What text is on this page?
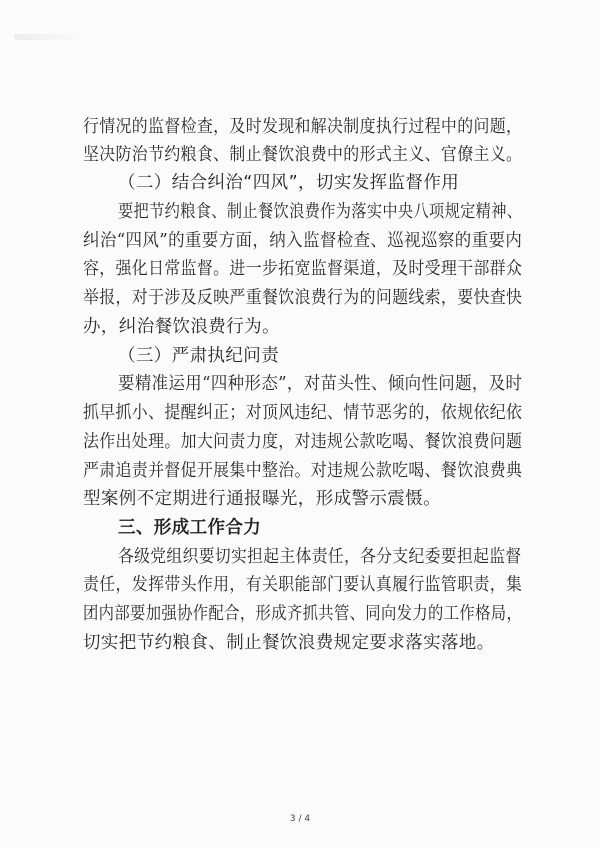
行情况的监督检查，及时发现和解决制度执行过程中的问题，
坚决防治节约粮食、制止餐饮浪费中的形式主义、官僚主义。
（二）结合纠治“四风”，切实发挥监督作用
要把节约粮食、制止餐饮浪费作为落实中央八项规定精神、
纠治“四风”的重要方面，纳入监督检查、巡视巡察的重要内
容，强化日常监督。进一步拓宽监督渠道，及时受理干部群众
举报，对于涉及反映严重餐饮浪费行为的问题线索，要快查快
办，纠治餐饮浪费行为。
（三）严肃执纪问责
要精准运用“四种形态”，对苗头性、倾向性问题，及时
抓早抓小、提醒纠正；对顶风违纪、情节恶劣的，依规依纪依
法作出处理。加大问责力度，对违规公款吃喝、餐饮浪费问题
严肃追责并督促开展集中整治。对违规公款吃喝、餐饮浪费典
型案例不定期进行通报曝光，形成警示震慑。
三、形成工作合力
各级党组织要切实担起主体责任，各分支纪委要担起监督
责任，发挥带头作用，有关职能部门要认真履行监管职责，集
团内部要加强协作配合，形成齐抓共管、同向发力的工作格局，
切实把节约粮食、制止餐饮浪费规定要求落实落地。
3 / 4
